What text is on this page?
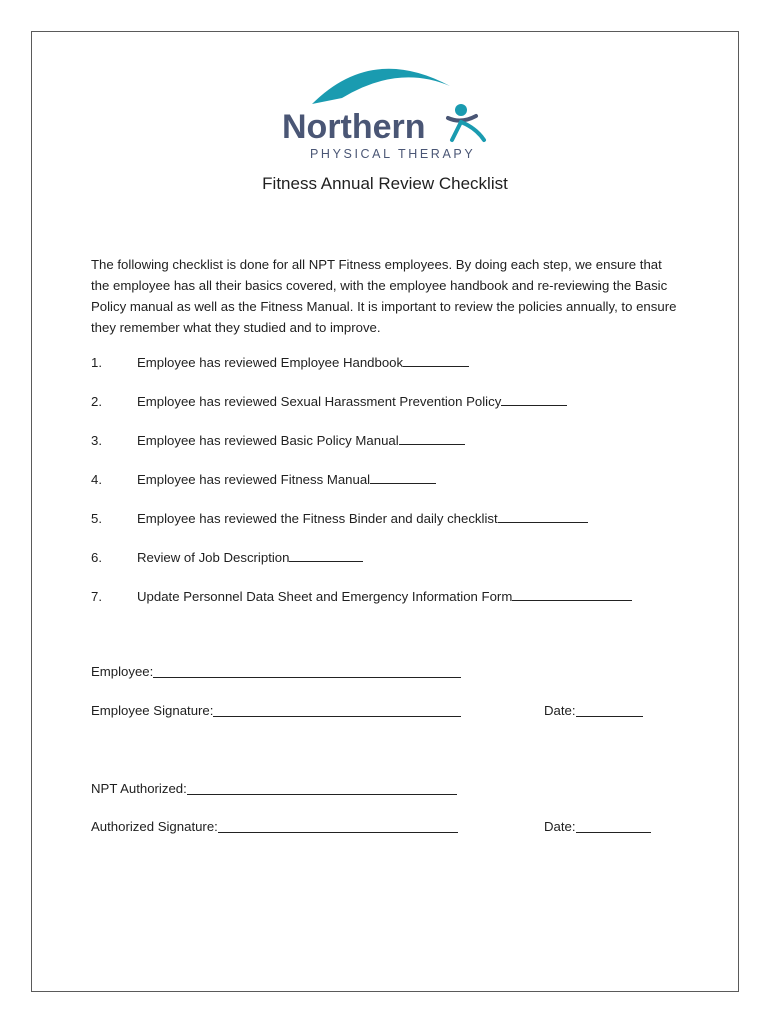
Northern
PHYSICAL THERAPY
Fitness Annual Review Checklist
The following checklist is done for all NPT Fitness employees. By doing each step, we ensure that the employee has all their basics covered, with the employee handbook and re-reviewing the Basic Policy manual as well as the Fitness Manual. It is important to review the policies annually, to ensure they remember what they studied and to improve.
1.	Employee has reviewed Employee Handbook
2.	Employee has reviewed Sexual Harassment Prevention Policy
3.	Employee has reviewed Basic Policy Manual
4.	Employee has reviewed Fitness Manual
5.	Employee has reviewed the Fitness Binder and daily checklist
6.	Review of Job Description
7.	Update Personnel Data Sheet and Emergency Information Form
Employee:
Employee Signature:	Date:
NPT Authorized:
Authorized Signature:	Date:
